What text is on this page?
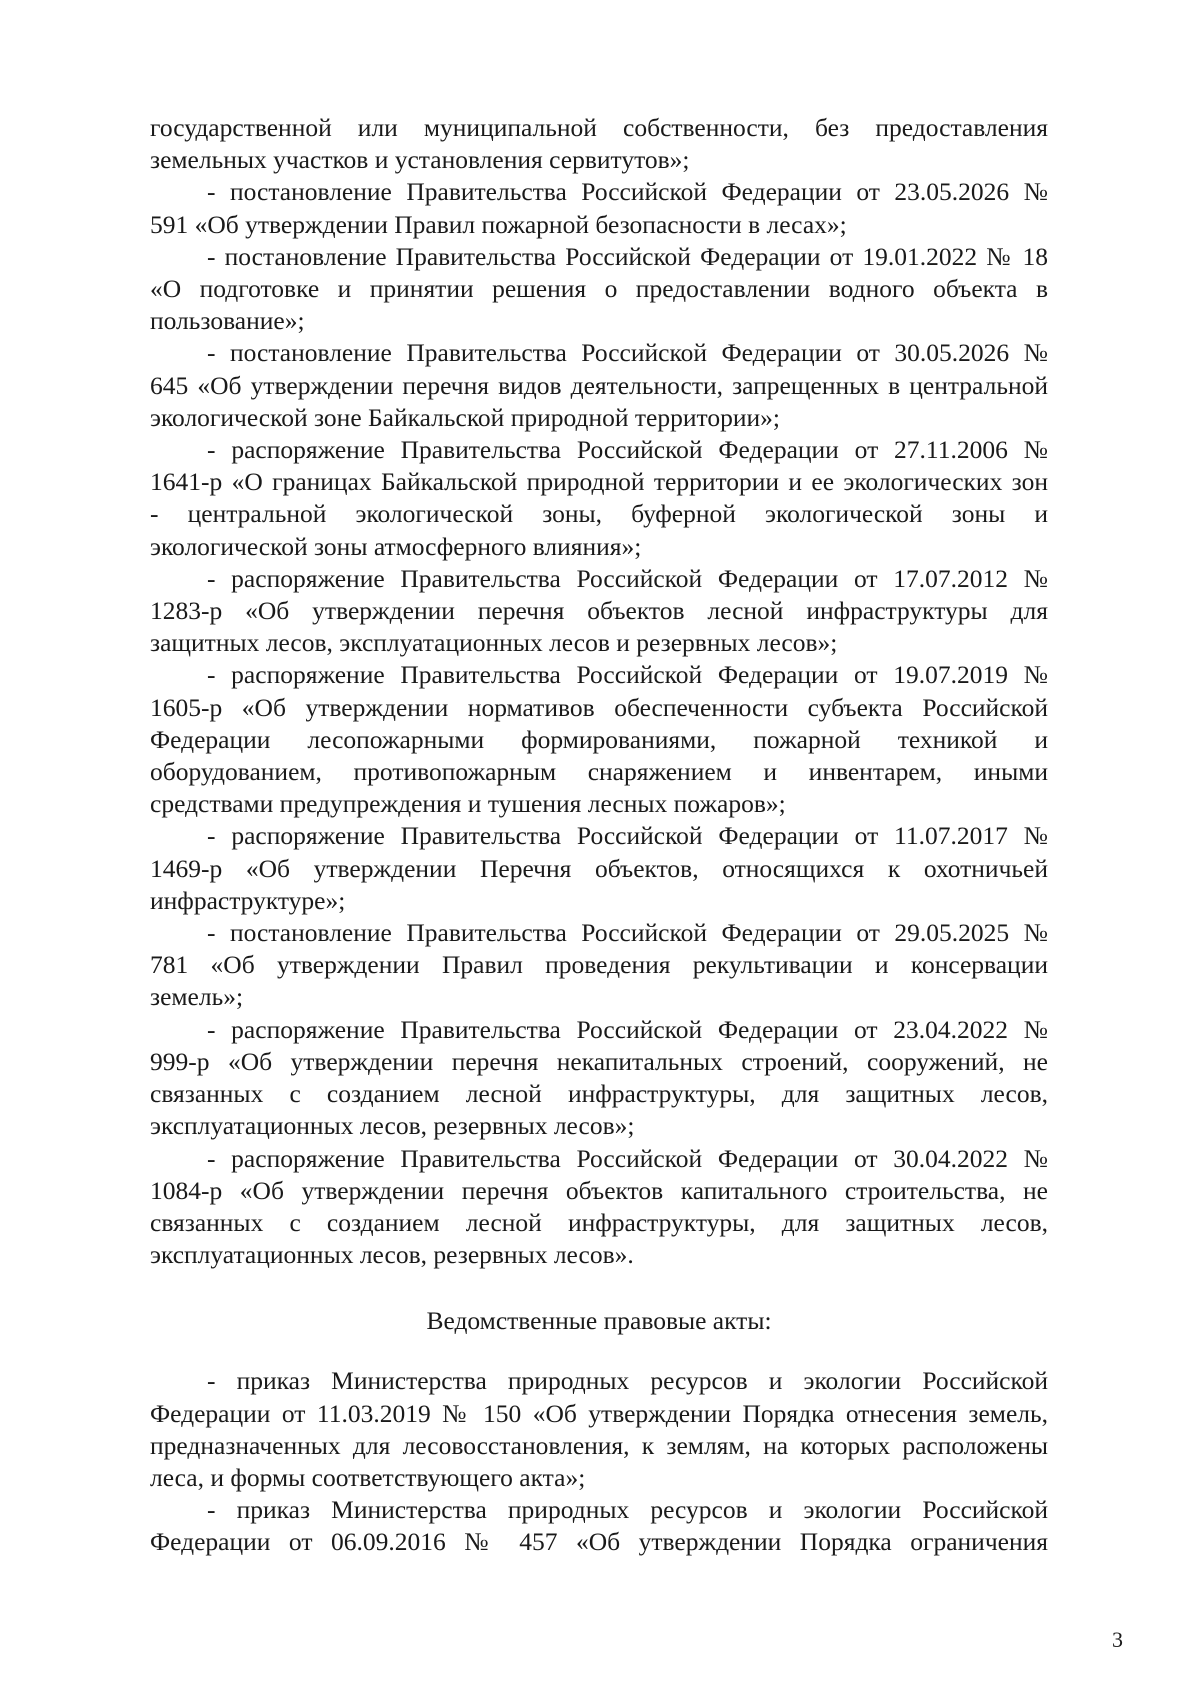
государственной или муниципальной собственности, без предоставления

земельных участков и установления сервитутов»;

- постановление Правительства Российской Федерации от 23.05.2026 №

591 «Об утверждении Правил пожарной безопасности в лесах»;

- постановление Правительства Российской Федерации от 19.01.2022 № 18

«О подготовке и принятии решения о предоставлении водного объекта в

пользование»;

- постановление Правительства Российской Федерации от 30.05.2026 №

645 «Об утверждении перечня видов деятельности, запрещенных в центральной

экологической зоне Байкальской природной территории»;

- распоряжение Правительства Российской Федерации от 27.11.2006 №

1641-р «О границах Байкальской природной территории и ее экологических зон

- центральной экологической зоны, буферной экологической зоны и

экологической зоны атмосферного влияния»;

- распоряжение Правительства Российской Федерации от 17.07.2012 №

1283-р «Об утверждении перечня объектов лесной инфраструктуры для

защитных лесов, эксплуатационных лесов и резервных лесов»;

- распоряжение Правительства Российской Федерации от 19.07.2019 №

1605-р «Об утверждении нормативов обеспеченности субъекта Российской

Федерации лесопожарными формированиями, пожарной техникой и

оборудованием, противопожарным снаряжением и инвентарем, иными

средствами предупреждения и тушения лесных пожаров»;

- распоряжение Правительства Российской Федерации от 11.07.2017 №

1469-р «Об утверждении Перечня объектов, относящихся к охотничьей

инфраструктуре»;

- постановление Правительства Российской Федерации от 29.05.2025 №

781 «Об утверждении Правил проведения рекультивации и консервации

земель»;

- распоряжение Правительства Российской Федерации от 23.04.2022 №

999-р «Об утверждении перечня некапитальных строений, сооружений, не

связанных с созданием лесной инфраструктуры, для защитных лесов,

эксплуатационных лесов, резервных лесов»;

- распоряжение Правительства Российской Федерации от 30.04.2022 №

1084-р «Об утверждении перечня объектов капитального строительства, не

связанных с созданием лесной инфраструктуры, для защитных лесов,

эксплуатационных лесов, резервных лесов».

Ведомственные правовые акты:

- приказ Министерства природных ресурсов и экологии Российской

Федерации от 11.03.2019 № 150 «Об утверждении Порядка отнесения земель,

предназначенных для лесовосстановления, к землям, на которых расположены

леса, и формы соответствующего акта»;

- приказ Министерства природных ресурсов и экологии Российской

Федерации от 06.09.2016 № 457 «Об утверждении Порядка ограничения

3
